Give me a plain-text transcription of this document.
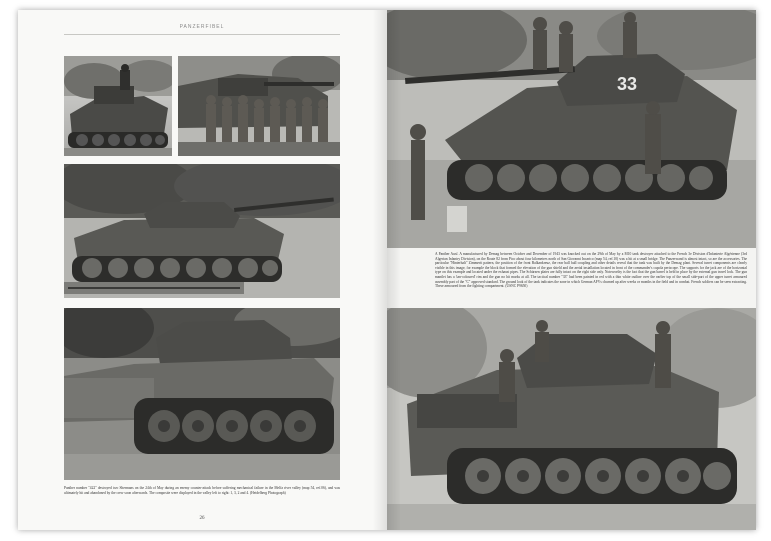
PANZERFIBEL

Panther number "422" destroyed two Shermans on the 24th of May during an enemy counter-attack before suffering mechanical failure in the Melfa river valley (map 54, ref.06), and was ultimately hit and abandoned by the crew soon afterwards. The composite were displayed in the valley left to right: 1, 3, 2 and 4. (Heidelberg Photograph)

26
33

A Panther Ausf. A manufactured by Demag between October and December of 1943 was knocked out on the 29th of May by a M10 tank destroyer attached to the French 3e Division d'Infanterie Algérienne (3rd Algerian Infantry Division), on the Route 82 from Pico about four kilometres north of San Giovanni Incarico (map 54, ref.10) was a hit at a small bridge. The Panzerwand is almost intact, so are the accessories. The particular "Hinterhalt" Zimmerit pattern, the position of the front Balkankreuz, the rear ball hull coupling and other details reveal that the tank was built by the Demag plant. Several turret components are clearly visible in this image, for example the block that formed the elevation of the gun shield and the aerial installation located in front of the commander's cupola periscope. The supports for the jack are of the horizontal type on this example and located under the exhaust pipes. The Schürzen plates are fully intact on the right side only. Noteworthy is the fact that the gun barrel is held in place by the external gun travel lock. The gun mantlet has a 'tan-coloured' rim and the gun no hit marks at all. The tactical number "33" had been painted in red with a thin white outline over the earlier top of the small side-part of the upper turret armoured assembly part of the "C" approved standard. The ground look of the tank indicates the zone in which German AFVs churned up after weeks or months in the field and in combat. French soldiers can be seen extracting. These armoured from the fighting compartment. (USNC P9650)
